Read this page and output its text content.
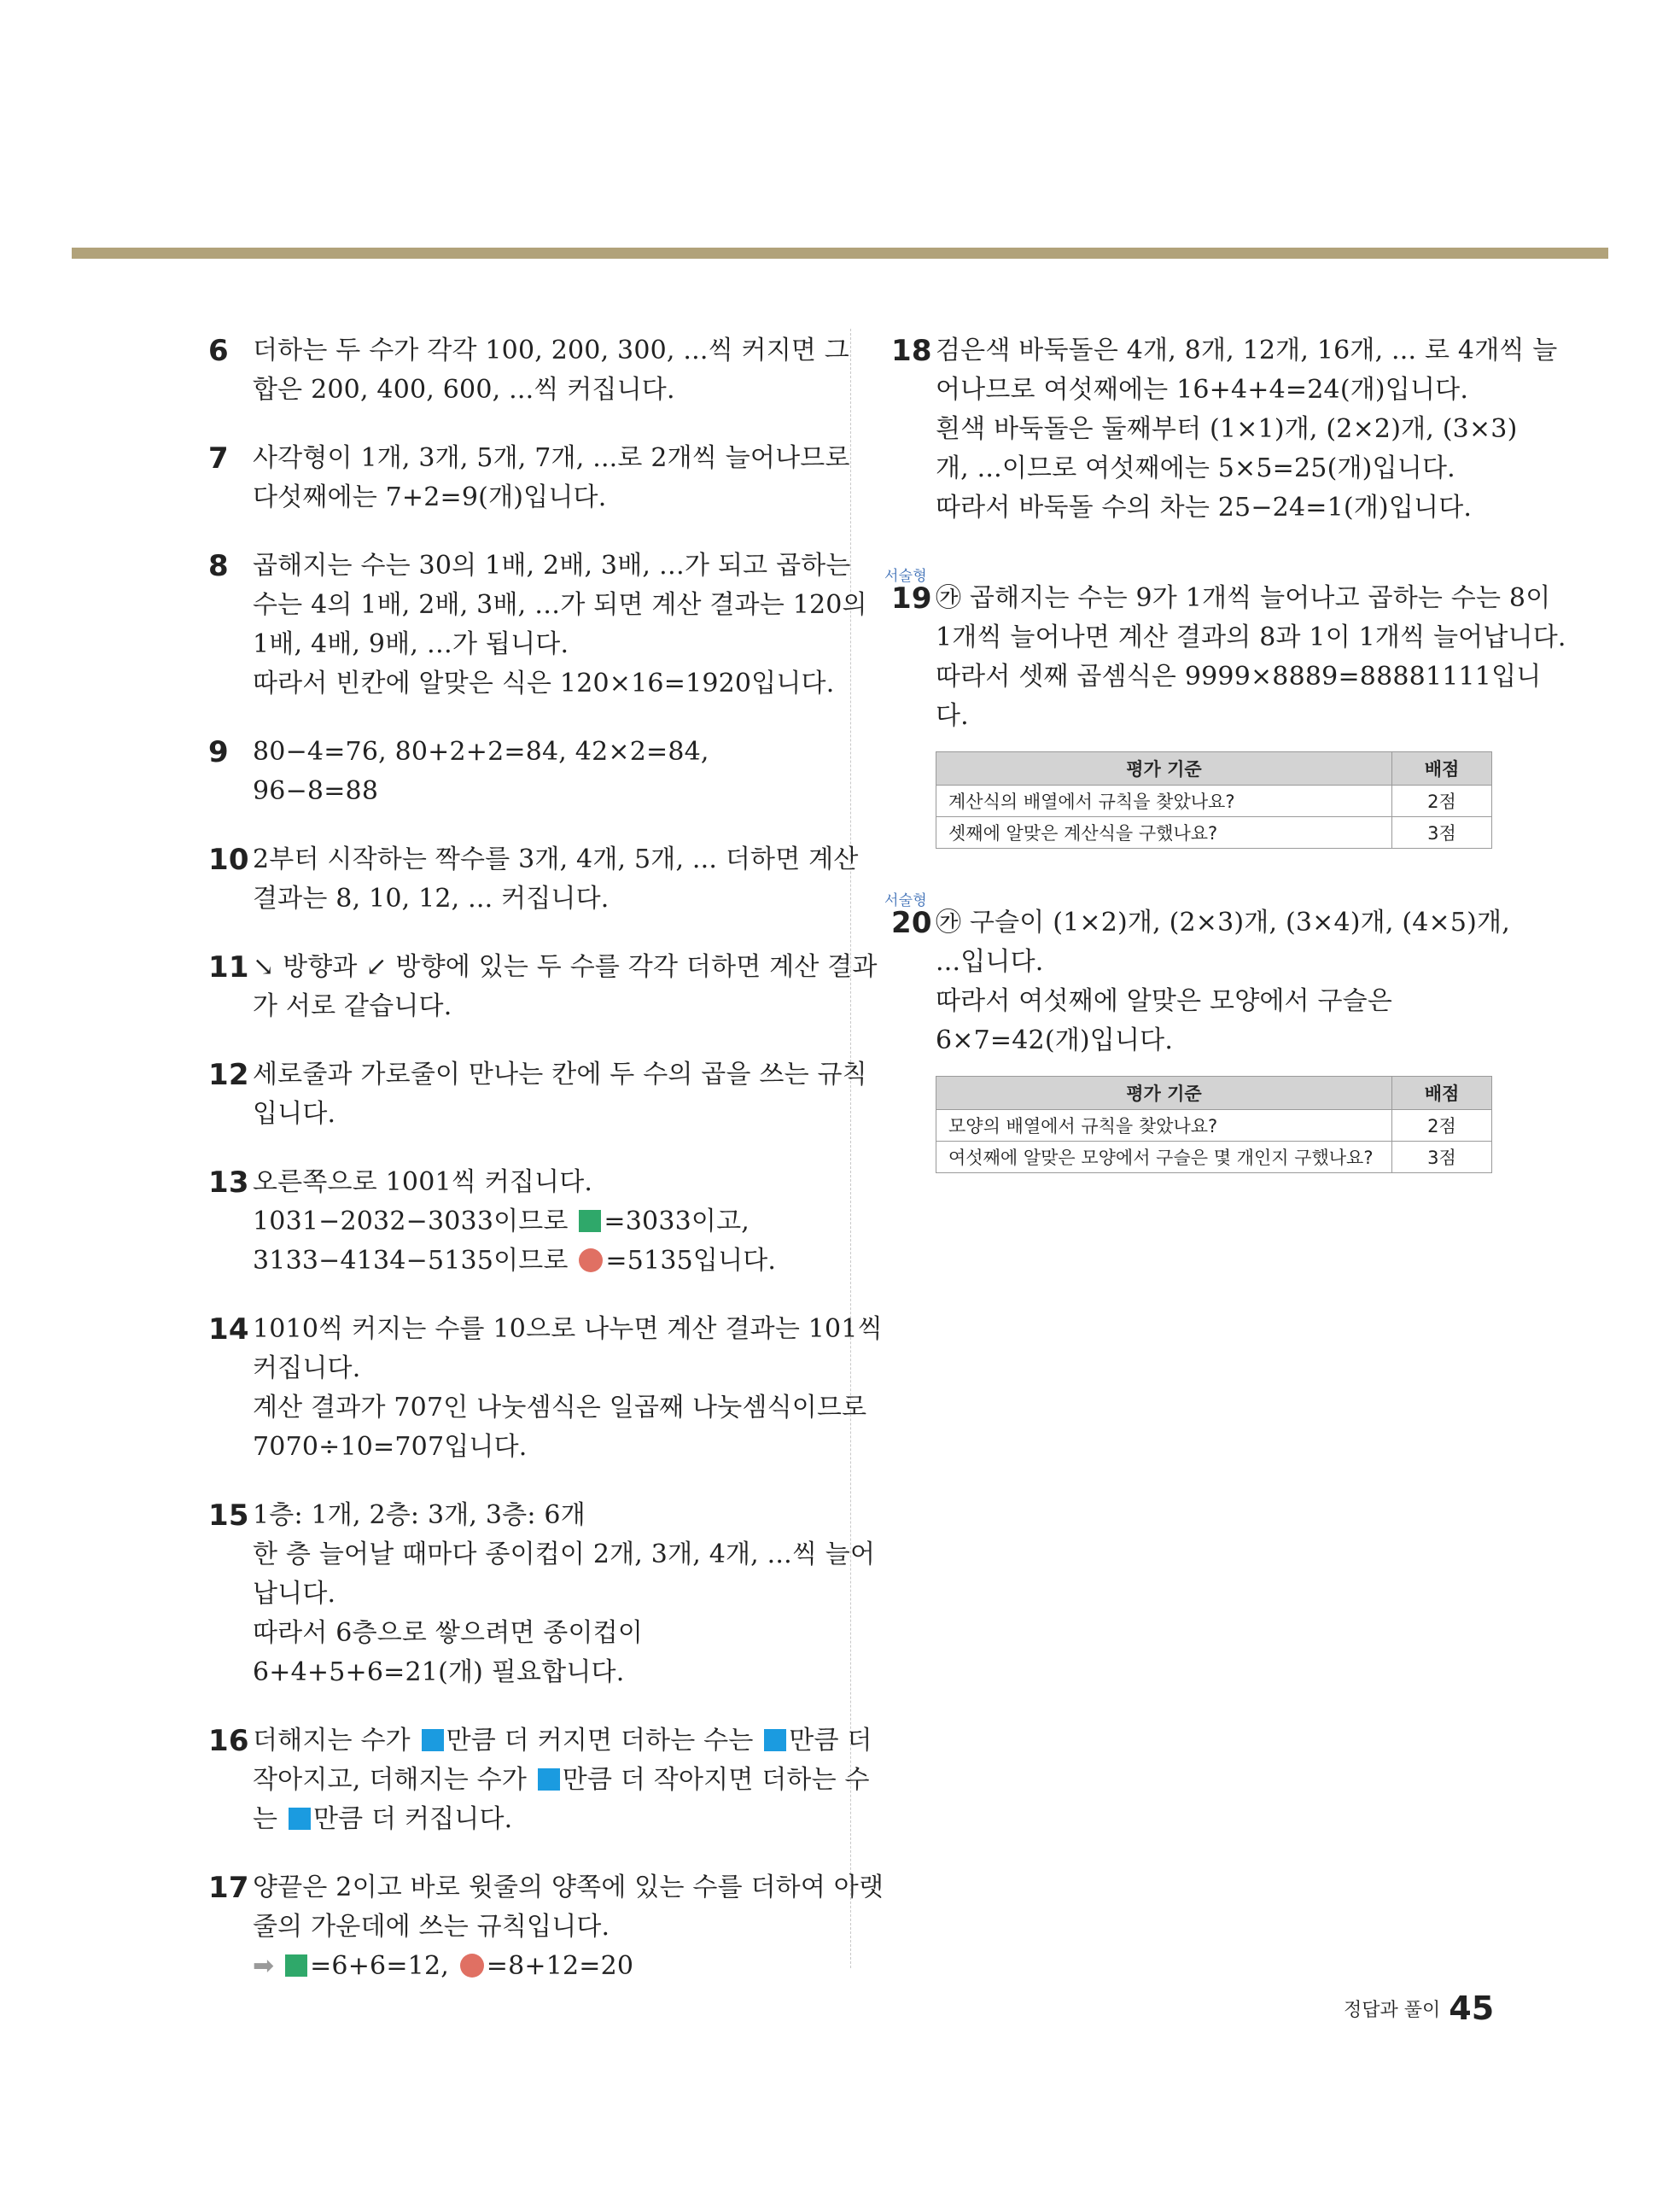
6 더하는 두 수가 각각 100, 200, 300, ...씩 커지면 그
합은 200, 400, 600, ...씩 커집니다.
7 사각형이 1개, 3개, 5개, 7개, ...로 2개씩 늘어나므로
다섯째에는 7+2=9(개)입니다.
8 곱해지는 수는 30의 1배, 2배, 3배, …가 되고 곱하는
수는 4의 1배, 2배, 3배, …가 되면 계산 결과는 120의
1배, 4배, 9배, …가 됩니다.
따라서 빈칸에 알맞은 식은 120×16=1920입니다.
9 80−4=76, 80+2+2=84, 42×2=84,
96−8=88
10 2부터 시작하는 짝수를 3개, 4개, 5개, ... 더하면 계산
결과는 8, 10, 12, ... 커집니다.
11 ↘ 방향과 ↙ 방향에 있는 두 수를 각각 더하면 계산 결과
가 서로 같습니다.
12 세로줄과 가로줄이 만나는 칸에 두 수의 곱을 쓰는 규칙
입니다.
13 오른쪽으로 1001씩 커집니다.
1031−2032−3033이므로 =3033이고,
3133−4134−5135이므로 =5135입니다.
14 1010씩 커지는 수를 10으로 나누면 계산 결과는 101씩
커집니다.
계산 결과가 707인 나눗셈식은 일곱째 나눗셈식이므로
7070÷10=707입니다.
15 1층: 1개, 2층: 3개, 3층: 6개
한 층 늘어날 때마다 종이컵이 2개, 3개, 4개, ...씩 늘어
납니다.
따라서 6층으로 쌓으려면 종이컵이
6+4+5+6=21(개) 필요합니다.
16 더해지는 수가 만큼 더 커지면 더하는 수는 만큼 더
작아지고, 더해지는 수가 만큼 더 작아지면 더하는 수
는 만큼 더 커집니다.
17 양끝은 2이고 바로 윗줄의 양쪽에 있는 수를 더하여 아랫
줄의 가운데에 쓰는 규칙입니다.
➡ =6+6=12, =8+12=20
18 검은색 바둑돌은 4개, 8개, 12개, 16개, ... 로 4개씩 늘
어나므로 여섯째에는 16+4+4=24(개)입니다.
흰색 바둑돌은 둘째부터 (1×1)개, (2×2)개, (3×3)
개, ...이므로 여섯째에는 5×5=25(개)입니다.
따라서 바둑돌 수의 차는 25−24=1(개)입니다.
서술형
19 ㉮ 곱해지는 수는 9가 1개씩 늘어나고 곱하는 수는 8이
1개씩 늘어나면 계산 결과의 8과 1이 1개씩 늘어납니다.
따라서 셋째 곱셈식은 9999×8889=88881111입니
다.
평가 기준	배점
계산식의 배열에서 규칙을 찾았나요?	2점
셋째에 알맞은 계산식을 구했나요?	3점
서술형
20 ㉮ 구슬이 (1×2)개, (2×3)개, (3×4)개, (4×5)개,
...입니다.
따라서 여섯째에 알맞은 모양에서 구슬은
6×7=42(개)입니다.
평가 기준	배점
모양의 배열에서 규칙을 찾았나요?	2점
여섯째에 알맞은 모양에서 구슬은 몇 개인지 구했나요?	3점
정답과 풀이 45
